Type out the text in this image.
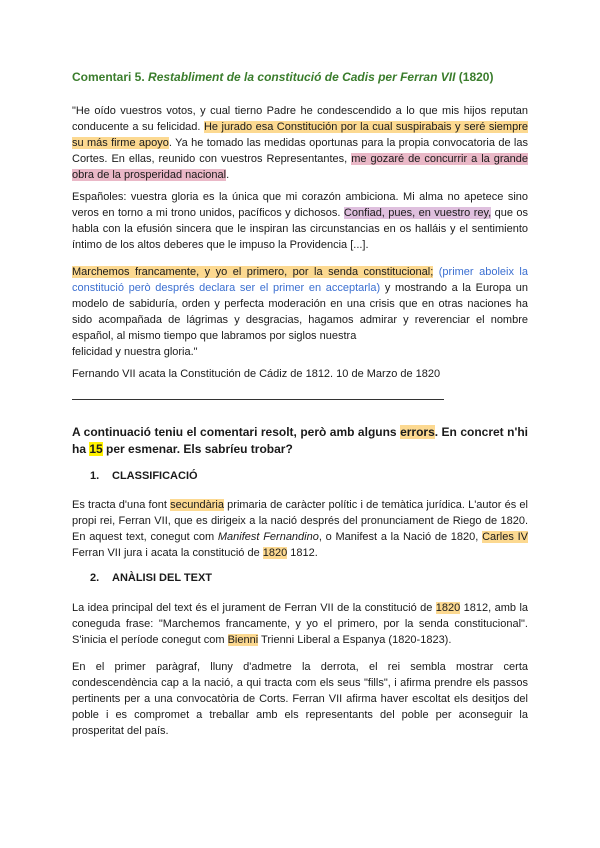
Comentari 5. Restabliment de la constitució de Cadis per Ferran VII (1820)
"He oído vuestros votos, y cual tierno Padre he condescendido a lo que mis hijos reputan conducente a su felicidad. He jurado esa Constitución por la cual suspirabais y seré siempre su más firme apoyo. Ya he tomado las medidas oportunas para la propia convocatoria de las Cortes. En ellas, reunido con vuestros Representantes, me gozaré de concurrir a la grande obra de la prosperidad nacional.
Españoles: vuestra gloria es la única que mi corazón ambiciona. Mi alma no apetece sino veros en torno a mi trono unidos, pacíficos y dichosos. Confiad, pues, en vuestro rey, que os habla con la efusión sincera que le inspiran las circunstancias en os halláis y el sentimiento íntimo de los altos deberes que le impuso la Providencia [...].
Marchemos francamente, y yo el primero, por la senda constitucional; (primer aboleix la constitució però després declara ser el primer en acceptarla) y mostrando a la Europa un modelo de sabiduría, orden y perfecta moderación en una crisis que en otras naciones ha sido acompañada de lágrimas y desgracias, hagamos admirar y reverenciar el nombre español, al mismo tiempo que labramos por siglos nuestra
felicidad y nuestra gloria."
Fernando VII acata la Constitución de Cádiz de 1812. 10 de Marzo de 1820
A continuació teniu el comentari resolt, però amb alguns errors. En concret n'hi ha 15 per esmenar. Els sabríeu trobar?
1. CLASSIFICACIÓ
Es tracta d'una font secundària primaria de caràcter polític i de temàtica jurídica. L'autor és el propi rei, Ferran VII, que es dirigeix a la nació després del pronunciament de Riego de 1820. En aquest text, conegut com Manifest Fernandino, o Manifest a la Nació de 1820, Carles IV Ferran VII jura i acata la constitució de 1820 1812.
2. ANÀLISI DEL TEXT
La idea principal del text és el jurament de Ferran VII de la constitució de 1820 1812, amb la coneguda frase: "Marchemos francamente, y yo el primero, por la senda constitucional". S'inicia el període conegut com Bienni Trienni Liberal a Espanya (1820-1823).
En el primer paràgraf, lluny d'admetre la derrota, el rei sembla mostrar certa condescendència cap a la nació, a qui tracta com els seus "fills", i afirma prendre els passos pertinents per a una convocatòria de Corts. Ferran VII afirma haver escoltat els desitjos del poble i es compromet a treballar amb els representants del poble per aconseguir la prosperitat del país.
